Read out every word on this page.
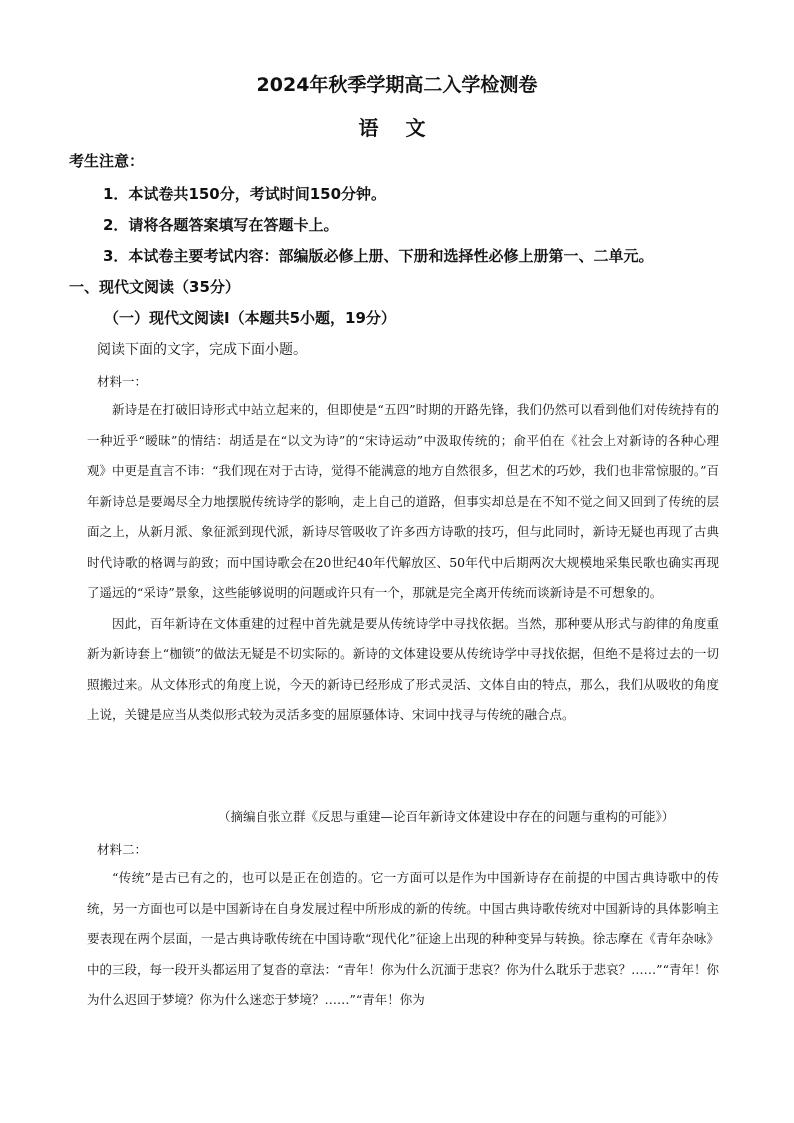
2024年秋季学期高二入学检测卷
语 文
考生注意：
1．本试卷共150分，考试时间150分钟。
2．请将各题答案填写在答题卡上。
3．本试卷主要考试内容：部编版必修上册、下册和选择性必修上册第一、二单元。
一、现代文阅读（35分）
（一）现代文阅读Ⅰ（本题共5小题，19分）
阅读下面的文字，完成下面小题。
材料一：

新诗是在打破旧诗形式中站立起来的，但即使是“五四”时期的开路先锋，我们仍然可以看到他们对传统持有的一种近乎“暧昧”的情结：胡适是在“以文为诗”的“宋诗运动”中汲取传统的；俞平伯在《社会上对新诗的各种心理观》中更是直言不讳：“我们现在对于古诗，觉得不能满意的地方自然很多，但艺术的巧妙，我们也非常惊服的。”百年新诗总是要竭尽全力地摆脱传统诗学的影响，走上自己的道路，但事实却总是在不知不觉之间又回到了传统的层面之上，从新月派、象征派到现代派，新诗尽管吸收了许多西方诗歌的技巧，但与此同时，新诗无疑也再现了古典时代诗歌的格调与韵致；而中国诗歌会在20世纪40年代解放区、50年代中后期两次大规模地采集民歌也确实再现了遥远的“采诗”景象，这些能够说明的问题或许只有一个，那就是完全离开传统而谈新诗是不可想象的。

因此，百年新诗在文体重建的过程中首先就是要从传统诗学中寻找依据。当然，那种要从形式与韵律的角度重新为新诗套上“枷锁”的做法无疑是不切实际的。新诗的文体建设要从传统诗学中寻找依据，但绝不是将过去的一切照搬过来。从文体形式的角度上说，今天的新诗已经形成了形式灵活、文体自由的特点，那么，我们从吸收的角度上说，关键是应当从类似形式较为灵活多变的屈原骚体诗、宋词中找寻与传统的融合点。

（摘编自张立群《反思与重建—论百年新诗文体建设中存在的问题与重构的可能》）
材料二：

“传统”是古已有之的，也可以是正在创造的。它一方面可以是作为中国新诗存在前提的中国古典诗歌中的传统，另一方面也可以是中国新诗在自身发展过程中所形成的新的传统。中国古典诗歌传统对中国新诗的具体影响主要表现在两个层面，一是古典诗歌传统在中国诗歌“现代化”征途上出现的种种变异与转换。徐志摩在《青年杂咏》中的三段，每一段开头都运用了复沓的章法：“青年！你为什么沉湎于悲哀？你为什么耽乐于悲哀？……”“青年！你为什么迟回于梦境？你为什么迷恋于梦境？……”“青年！你为
